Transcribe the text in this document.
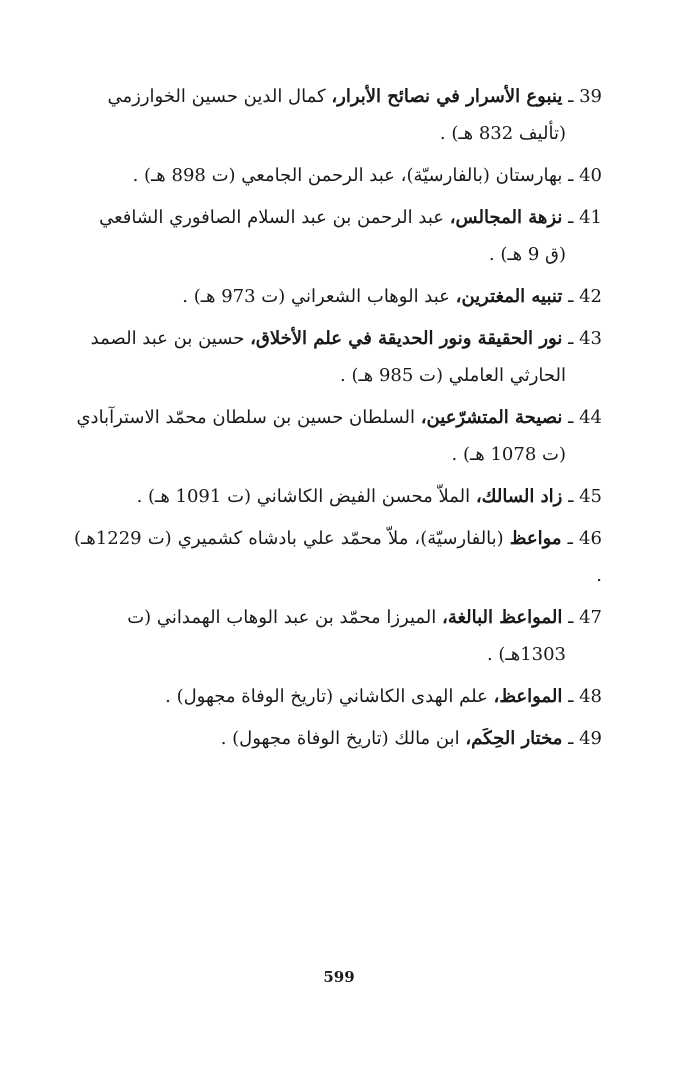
39 ـ ينبوع الأسرار في نصائح الأبرار، كمال الدين حسين الخوارزمي
(تأليف 832 هـ) .
40 ـ بهارستان (بالفارسيّة)، عبد الرحمن الجامعي (ت 898 هـ) .
41 ـ نزهة المجالس، عبد الرحمن بن عبد السلام الصافوري الشافعي
(ق 9 هـ) .
42 ـ تنبيه المغترين، عبد الوهاب الشعراني (ت 973 هـ) .
43 ـ نور الحقيقة ونور الحديقة في علم الأخلاق، حسين بن عبد الصمد
الحارثي العاملي (ت 985 هـ) .
44 ـ نصيحة المتشرّعين، السلطان حسين بن سلطان محمّد الاسترآبادي
(ت 1078 هـ) .
45 ـ زاد السالك، الملاّ محسن الفيض الكاشاني (ت 1091 هـ) .
46 ـ مواعظ (بالفارسيّة)، ملاّ محمّد علي بادشاه كشميري (ت 1229هـ) .
47 ـ المواعظ البالغة، الميرزا محمّد بن عبد الوهاب الهمداني (ت
1303هـ) .
48 ـ المواعظ، علم الهدى الكاشاني (تاريخ الوفاة مجهول) .
49 ـ مختار الحِكَم، ابن مالك (تاريخ الوفاة مجهول) .
599
